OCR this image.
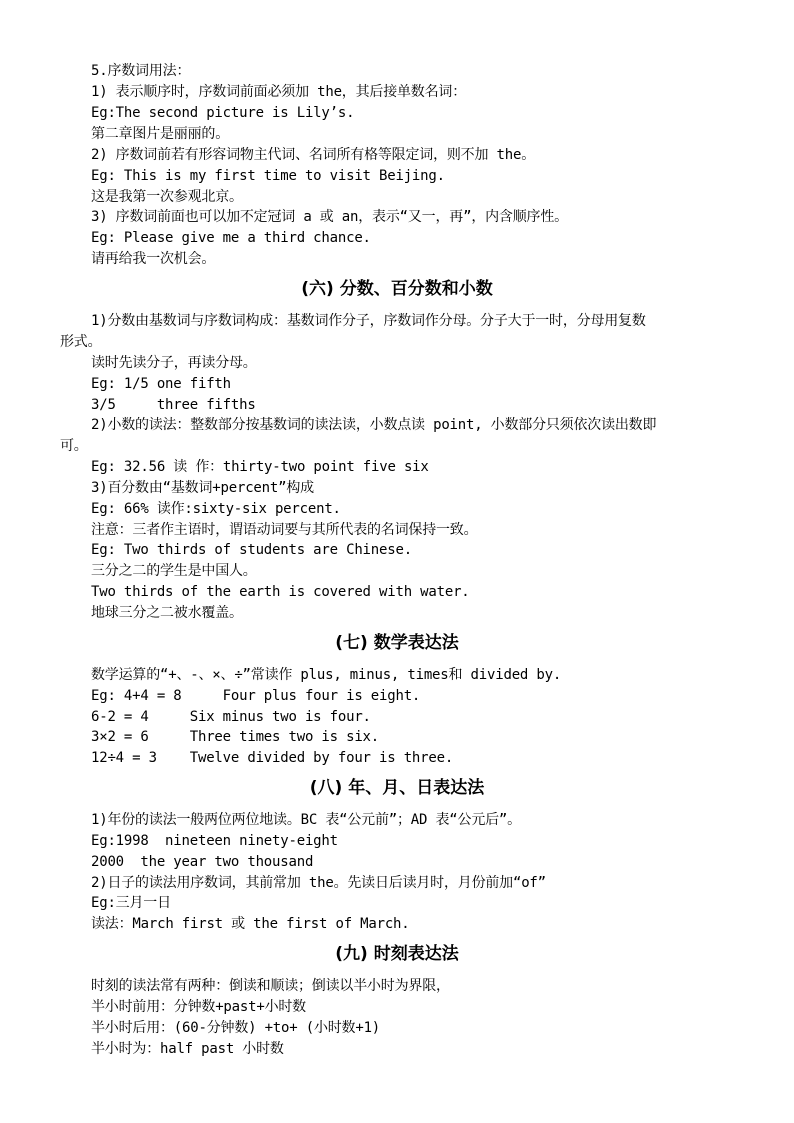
5.序数词用法：
1) 表示顺序时，序数词前面必须加 the，其后接单数名词：
Eg:The second picture is Lily’s.
第二章图片是丽丽的。
2) 序数词前若有形容词物主代词、名词所有格等限定词，则不加 the。
Eg: This is my first time to visit Beijing.
这是我第一次参观北京。
3) 序数词前面也可以加不定冠词 a 或 an，表示“又一，再”，内含顺序性。
Eg: Please give me a third chance.
请再给我一次机会。
(六) 分数、百分数和小数
1)分数由基数词与序数词构成：基数词作分子，序数词作分母。分子大于一时，分母用复数
形式。
读时先读分子，再读分母。
Eg: 1/5 one fifth
3/5     three fifths
2)小数的读法：整数部分按基数词的读法读，小数点读 point, 小数部分只须依次读出数即
可。
Eg: 32.56 读 作：thirty-two point five six
3)百分数由“基数词+percent”构成
Eg: 66% 读作:sixty-six percent.
注意：三者作主语时，谓语动词要与其所代表的名词保持一致。
Eg: Two thirds of students are Chinese.
三分之二的学生是中国人。
Two thirds of the earth is covered with water.
地球三分之二被水覆盖。
(七) 数学表达法
数学运算的“+、-、×、÷”常读作 plus, minus, times和 divided by.
Eg: 4+4 = 8     Four plus four is eight.
6-2 = 4     Six minus two is four.
3×2 = 6     Three times two is six.
12÷4 = 3    Twelve divided by four is three.
(八) 年、月、日表达法
1)年份的读法一般两位两位地读。BC 表“公元前”；AD 表“公元后”。
Eg:1998  nineteen ninety-eight
2000  the year two thousand
2)日子的读法用序数词，其前常加 the。先读日后读月时，月份前加“of”
Eg:三月一日
读法：March first 或 the first of March.
(九) 时刻表达法
时刻的读法常有两种：倒读和顺读；倒读以半小时为界限，
半小时前用：分钟数+past+小时数
半小时后用：(60-分钟数) +to+ (小时数+1)
半小时为：half past 小时数
